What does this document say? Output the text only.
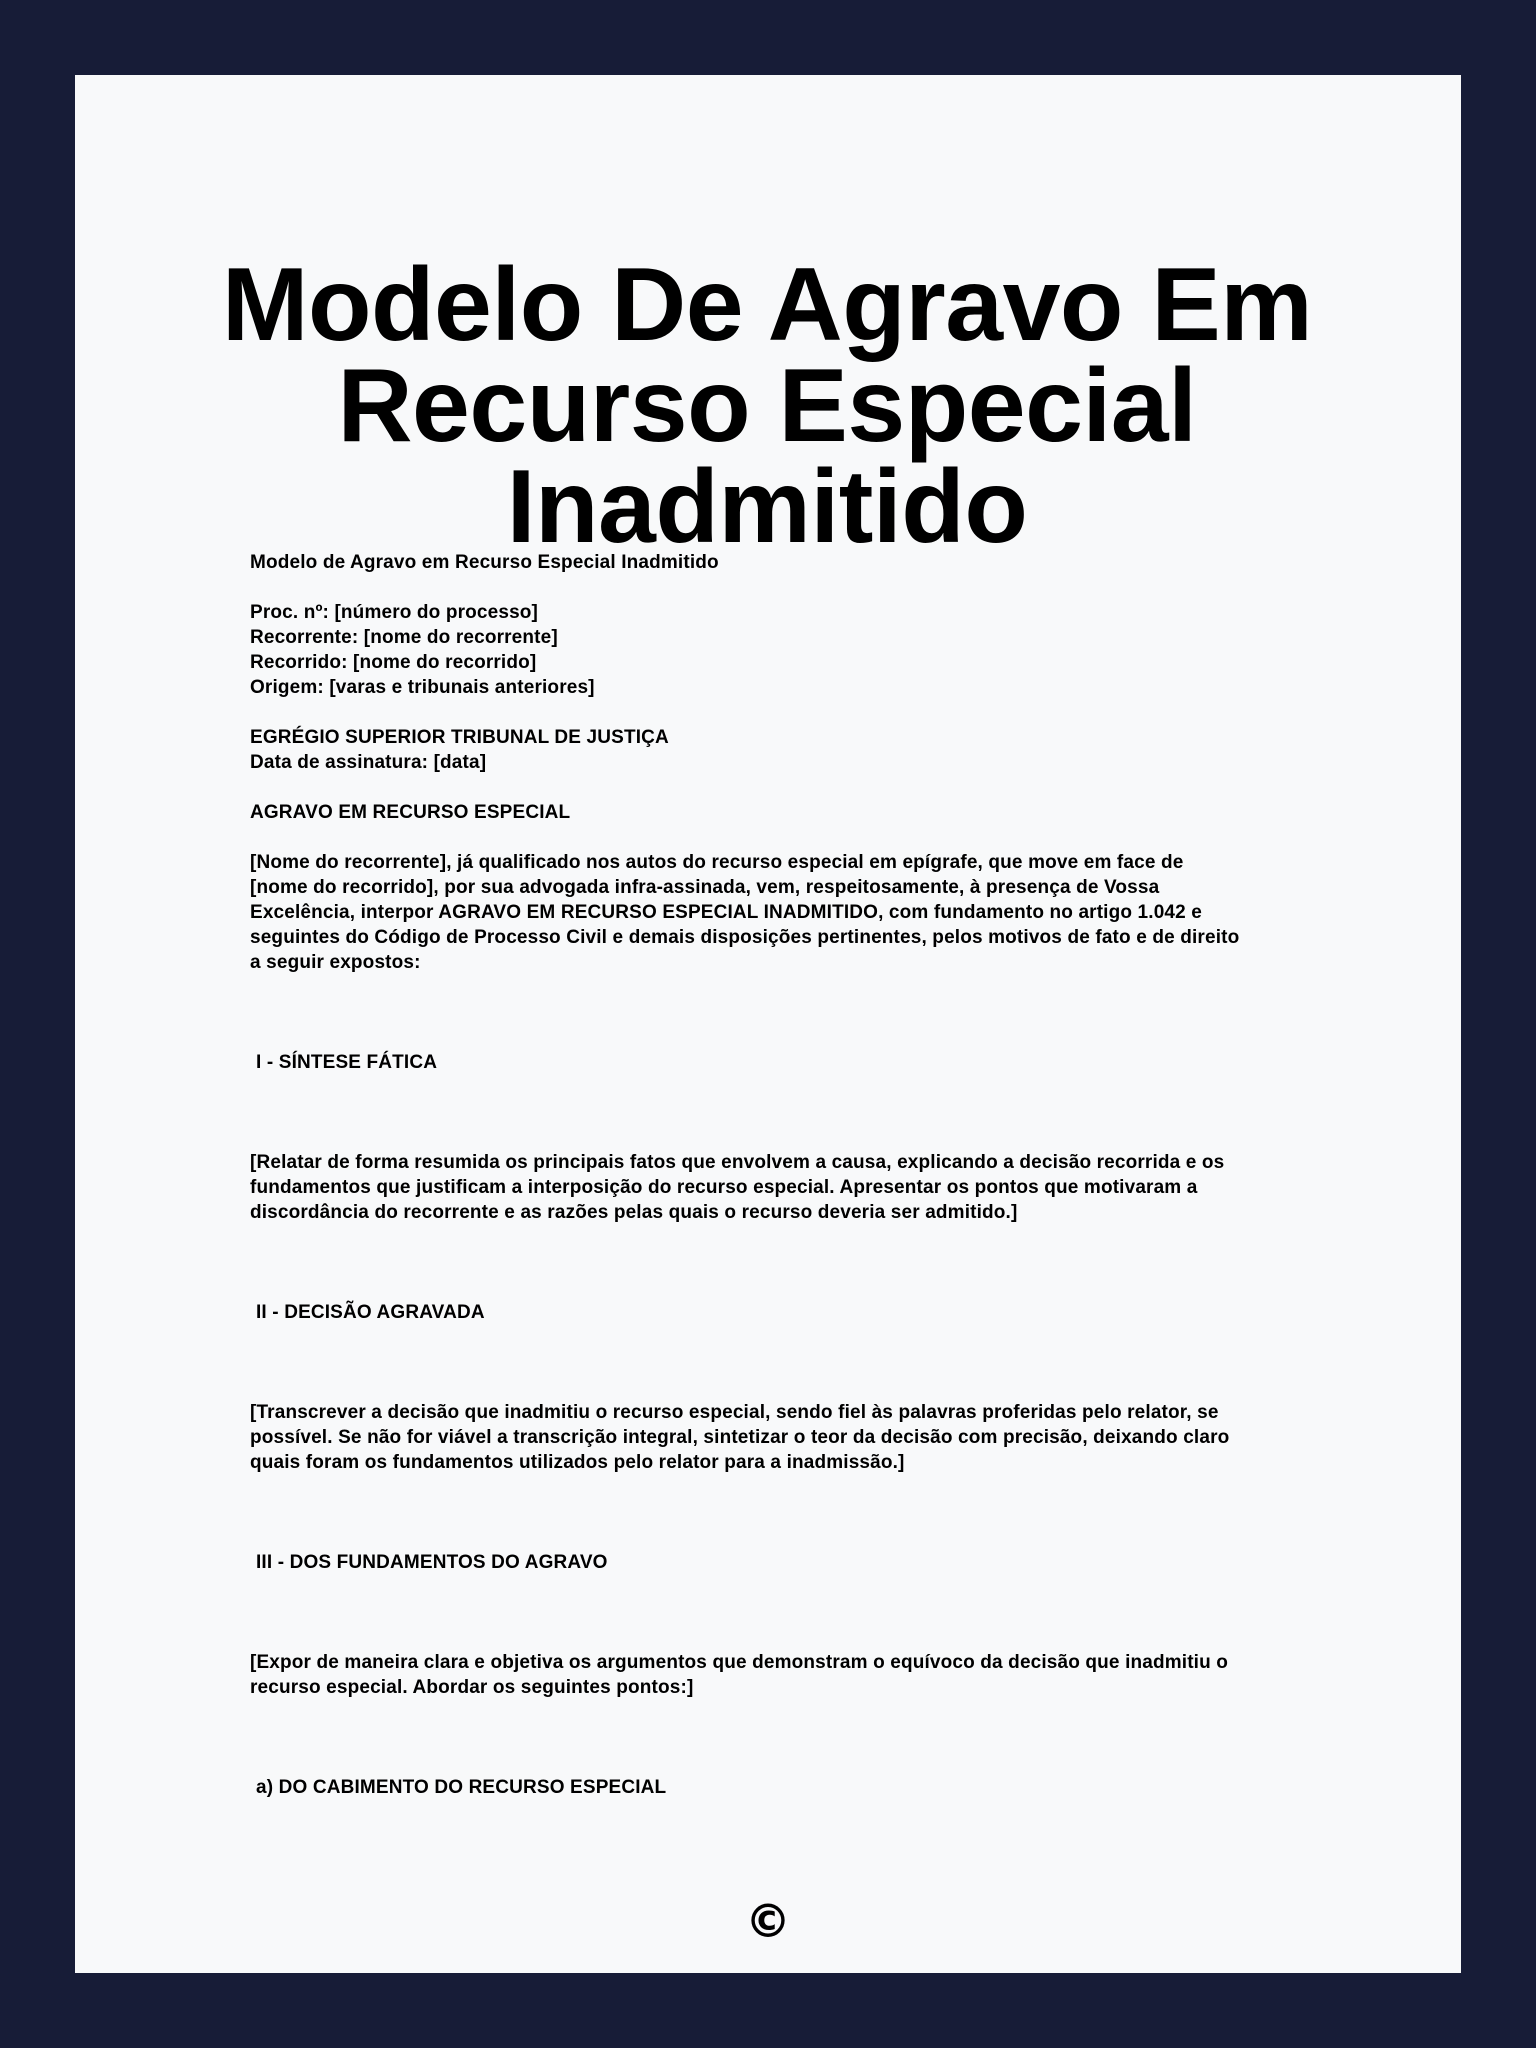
Modelo De Agravo Em
Recurso Especial Inadmitido

Modelo de Agravo em Recurso Especial Inadmitido

Proc. nº: [número do processo]
Recorrente: [nome do recorrente]
Recorrido: [nome do recorrido]
Origem: [varas e tribunais anteriores]

EGRÉGIO SUPERIOR TRIBUNAL DE JUSTIÇA
Data de assinatura: [data]

AGRAVO EM RECURSO ESPECIAL

[Nome do recorrente], já qualificado nos autos do recurso especial em epígrafe, que move em face de
[nome do recorrido], por sua advogada infra-assinada, vem, respeitosamente, à presença de Vossa
Excelência, interpor AGRAVO EM RECURSO ESPECIAL INADMITIDO, com fundamento no artigo 1.042 e
seguintes do Código de Processo Civil e demais disposições pertinentes, pelos motivos de fato e de direito
a seguir expostos:

I - SÍNTESE FÁTICA

[Relatar de forma resumida os principais fatos que envolvem a causa, explicando a decisão recorrida e os
fundamentos que justificam a interposição do recurso especial. Apresentar os pontos que motivaram a
discordância do recorrente e as razões pelas quais o recurso deveria ser admitido.]

II - DECISÃO AGRAVADA

[Transcrever a decisão que inadmitiu o recurso especial, sendo fiel às palavras proferidas pelo relator, se
possível. Se não for viável a transcrição integral, sintetizar o teor da decisão com precisão, deixando claro
quais foram os fundamentos utilizados pelo relator para a inadmissão.]

III - DOS FUNDAMENTOS DO AGRAVO

[Expor de maneira clara e objetiva os argumentos que demonstram o equívoco da decisão que inadmitiu o
recurso especial. Abordar os seguintes pontos:]

a) DO CABIMENTO DO RECURSO ESPECIAL

©
